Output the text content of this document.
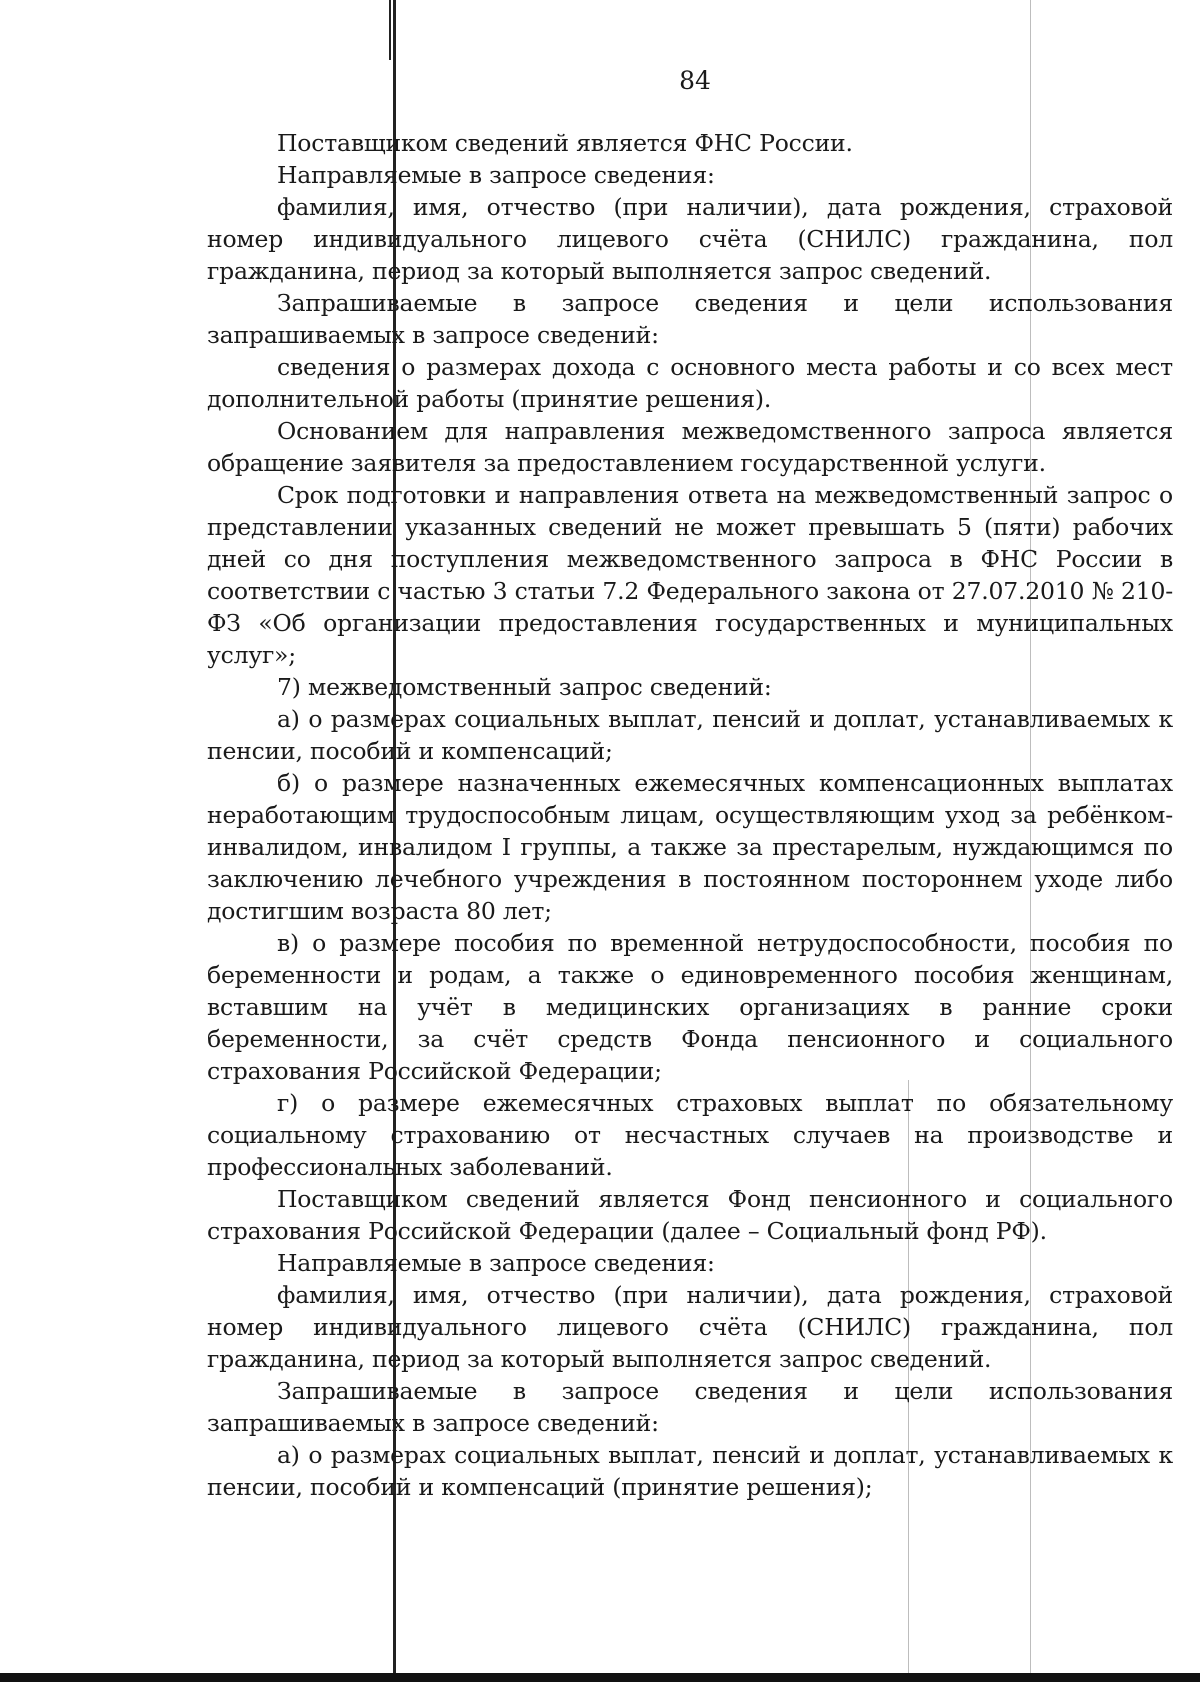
84

Поставщиком сведений является ФНС России.

Направляемые в запросе сведения:

фамилия, имя, отчество (при наличии), дата рождения, страховой номер индивидуального лицевого счёта (СНИЛС) гражданина, пол гражданина, период за который выполняется запрос сведений.

Запрашиваемые в запросе сведения и цели использования запрашиваемых в запросе сведений:

сведения о размерах дохода с основного места работы и со всех мест дополнительной работы (принятие решения).

Основанием для направления межведомственного запроса является обращение заявителя за предоставлением государственной услуги.

Срок подготовки и направления ответа на межведомственный запрос о представлении указанных сведений не может превышать 5 (пяти) рабочих дней со дня поступления межведомственного запроса в ФНС России в соответствии с частью 3 статьи 7.2 Федерального закона от 27.07.2010 № 210-ФЗ «Об организации предоставления государственных и муниципальных услуг»;

7) межведомственный запрос сведений:

а) о размерах социальных выплат, пенсий и доплат, устанавливаемых к пенсии, пособий и компенсаций;

б) о размере назначенных ежемесячных компенсационных выплатах неработающим трудоспособным лицам, осуществляющим уход за ребёнком-инвалидом, инвалидом I группы, а также за престарелым, нуждающимся по заключению лечебного учреждения в постоянном постороннем уходе либо достигшим возраста 80 лет;

в) о размере пособия по временной нетрудоспособности, пособия по беременности и родам, а также о единовременного пособия женщинам, вставшим на учёт в медицинских организациях в ранние сроки беременности, за счёт средств Фонда пенсионного и социального страхования Российской Федерации;

г) о размере ежемесячных страховых выплат по обязательному социальному страхованию от несчастных случаев на производстве и профессиональных заболеваний.

Поставщиком сведений является Фонд пенсионного и социального страхования Российской Федерации (далее – Социальный фонд РФ).

Направляемые в запросе сведения:

фамилия, имя, отчество (при наличии), дата рождения, страховой номер индивидуального лицевого счёта (СНИЛС) гражданина, пол гражданина, период за который выполняется запрос сведений.

Запрашиваемые в запросе сведения и цели использования запрашиваемых в запросе сведений:

а) о размерах социальных выплат, пенсий и доплат, устанавливаемых к пенсии, пособий и компенсаций (принятие решения);
